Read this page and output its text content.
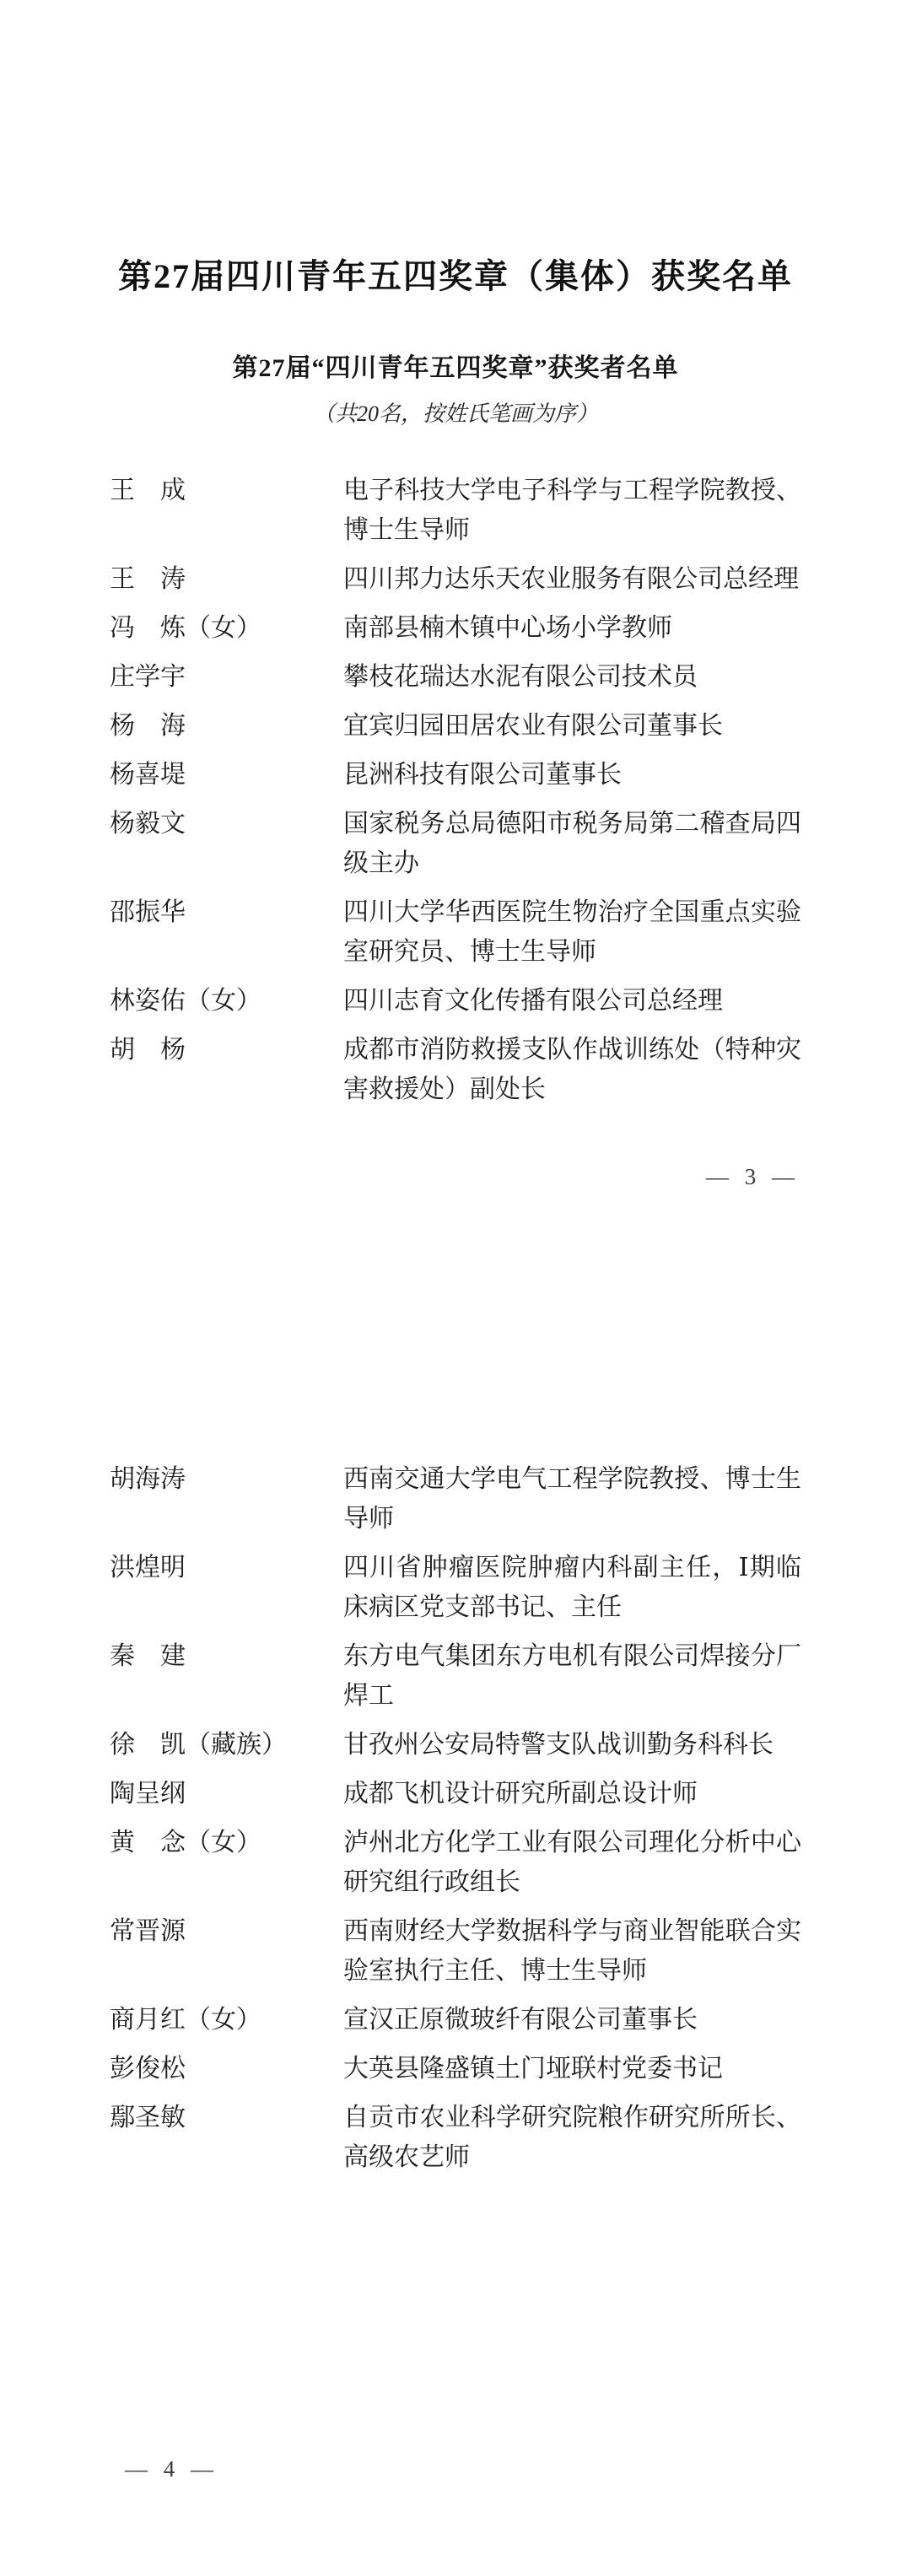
第27届四川青年五四奖章（集体）获奖名单
第27届“四川青年五四奖章”获奖者名单
（共20名，按姓氏笔画为序）
王　成	电子科技大学电子科学与工程学院教授、博士生导师
王　涛	四川邦力达乐天农业服务有限公司总经理
冯　炼（女）	南部县楠木镇中心场小学教师
庄学宇	攀枝花瑞达水泥有限公司技术员
杨　海	宜宾归园田居农业有限公司董事长
杨喜堤	昆洲科技有限公司董事长
杨毅文	国家税务总局德阳市税务局第二稽查局四级主办
邵振华	四川大学华西医院生物治疗全国重点实验室研究员、博士生导师
林姿佑（女）	四川志育文化传播有限公司总经理
胡　杨	成都市消防救援支队作战训练处（特种灾害救援处）副处长
— 3 —
胡海涛	西南交通大学电气工程学院教授、博士生导师
洪煌明	四川省肿瘤医院肿瘤内科副主任，Ⅰ期临床病区党支部书记、主任
秦　建	东方电气集团东方电机有限公司焊接分厂焊工
徐　凯（藏族）	甘孜州公安局特警支队战训勤务科科长
陶呈纲	成都飞机设计研究所副总设计师
黄　念（女）	泸州北方化学工业有限公司理化分析中心研究组行政组长
常晋源	西南财经大学数据科学与商业智能联合实验室执行主任、博士生导师
商月红（女）	宣汉正原微玻纤有限公司董事长
彭俊松	大英县隆盛镇土门垭联村党委书记
鄢圣敏	自贡市农业科学研究院粮作研究所所长、高级农艺师
— 4 —
